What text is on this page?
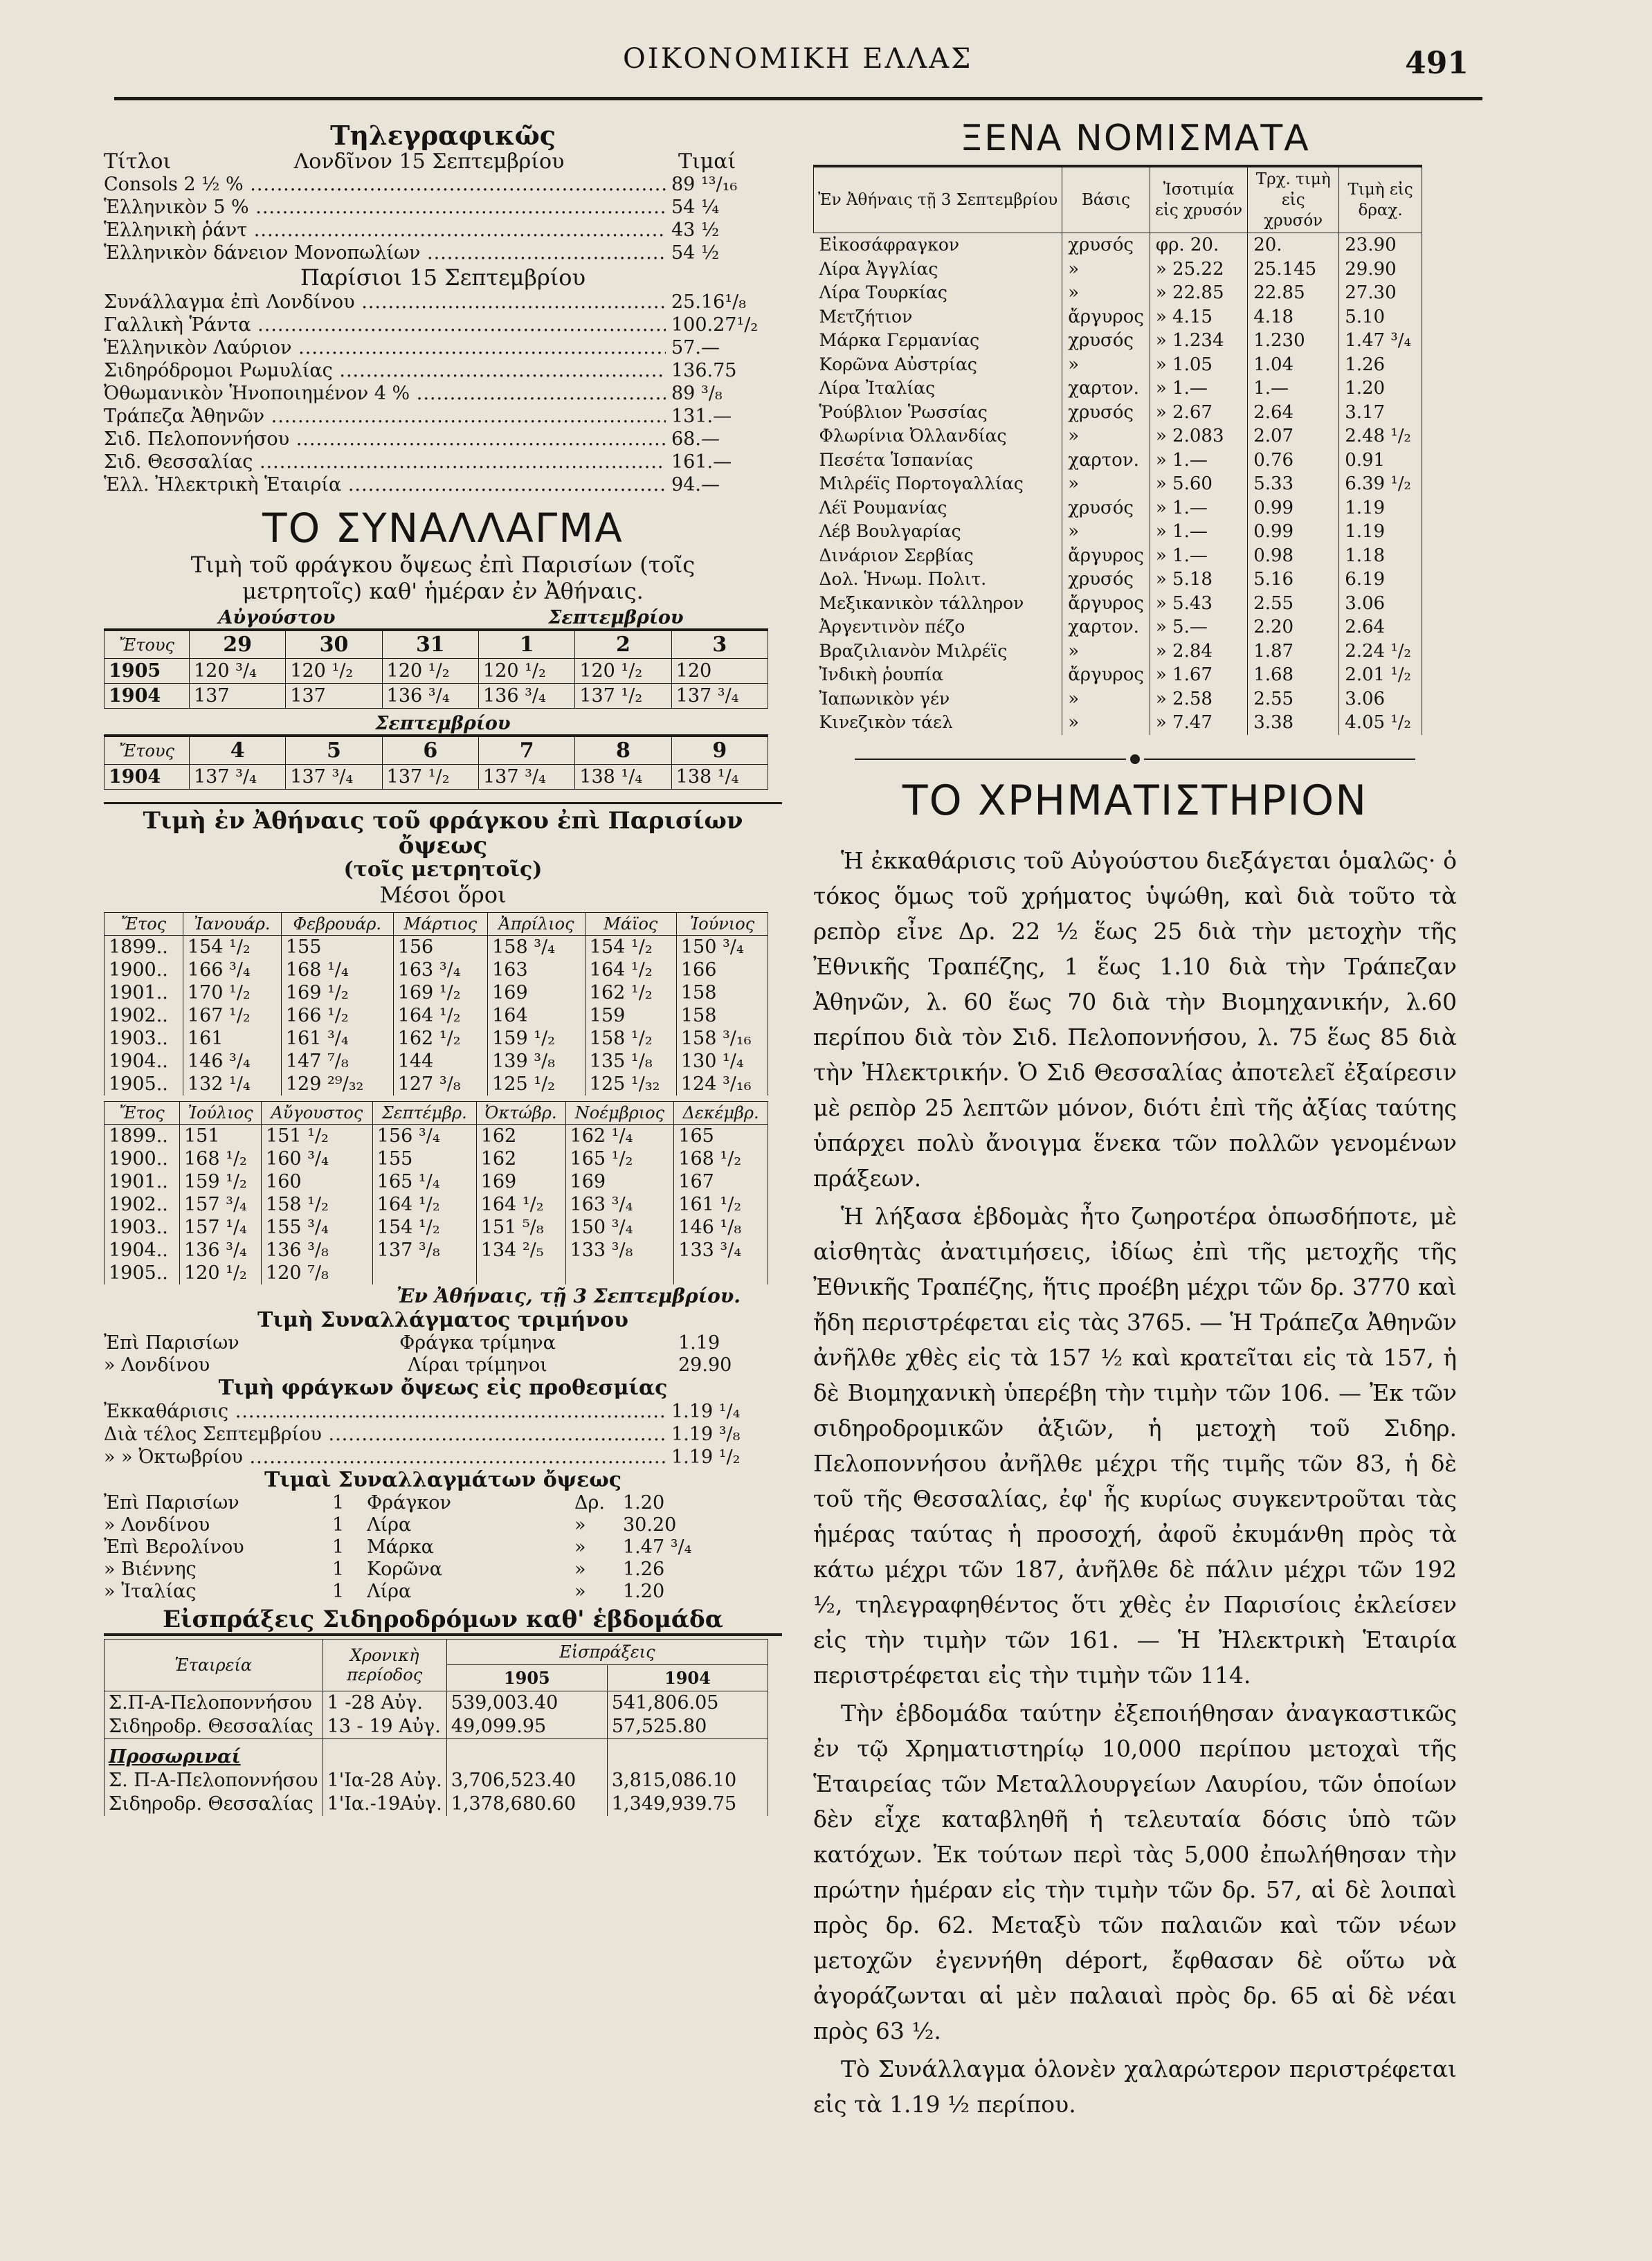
ΟΙΚΟΝΟΜΙΚΗ ΕΛΛΑΣ	491
Τηλεγραφικῶς
Τίτλοι	Λονδῖνον 15 Σεπτεμβρίου	Τιμαί
Consols 2 ½ % .....	89 ¹³/₁₆
Ἑλληνικὸν 5 % .....	54 ¼
Ἑλληνικὴ ῥάντ .....	43 ½
Ἑλληνικὸν δάνειον Μονοπωλίων .....	54 ½
Παρίσιοι 15 Σεπτεμβρίου
Συνάλλαγμα ἐπὶ Λονδίνου .....	25.16¹/₈
Γαλλικὴ Ῥάντα .....	100.27¹/₂
Ἑλληνικὸν Λαύριον .....	57.—
Σιδηρόδρομοι Ρωμυλίας .....	136.75
Ὀθωμανικὸν Ἡνοποιημένον 4 % .....	89 ³/₈
Τράπεζα Ἀθηνῶν .....	131.—
Σιδ. Πελοποννήσου .....	68.—
Σιδ. Θεσσαλίας .....	161.—
Ἑλλ. Ἠλεκτρικὴ Ἑταιρία .....	94.—
ΤΟ ΣΥΝΑΛΛΑΓΜΑ
Τιμὴ τοῦ φράγκου ὄψεως ἐπὶ Παρισίων (τοῖς μετρητοῖς) καθ' ἡμέραν ἐν Ἀθήναις.
Αὐγούστου	Σεπτεμβρίου
Ἔτους	29	30	31	1	2	3
1905	120 ³/₄	120 ¹/₂	120 ¹/₂	120 ¹/₂	120 ¹/₂	120
1904	137	137	136 ³/₄	136 ³/₄	137 ¹/₂	137 ³/₄
Σεπτεμβρίου
Ἔτους	4	5	6	7	8	9
1904	137 ³/₄	137 ³/₄	137 ¹/₂	137 ³/₄	138 ¹/₄	138 ¹/₄
Τιμὴ ἐν Ἀθήναις τοῦ φράγκου ἐπὶ Παρισίων ὄψεως
(τοῖς μετρητοῖς)
Μέσοι ὅροι
Ἔτος	Ἰανουάρ.	Φεβρουάρ.	Μάρτιος	Ἀπρίλιος	Μάϊος	Ἰούνιος
1899..	154 ¹/₂	155	156	158 ³/₄	154 ¹/₂	150 ³/₄
1900..	166 ³/₄	168 ¹/₄	163 ³/₄	163	164 ¹/₂	166
1901..	170 ¹/₂	169 ¹/₂	169 ¹/₂	169	162 ¹/₂	158
1902..	167 ¹/₂	166 ¹/₂	164 ¹/₂	164	159	158
1903..	161	161 ³/₄	162 ¹/₂	159 ¹/₂	158 ¹/₂	158 ³/₁₆
1904..	146 ³/₄	147 ⁷/₈	144	139 ³/₈	135 ¹/₈	130 ¹/₄
1905..	132 ¹/₄	129 ²⁹/₃₂	127 ³/₈	125 ¹/₂	125 ¹/₃₂	124 ³/₁₆
Ἔτος	Ἰούλιος	Αὔγουστος	Σεπτέμβρ.	Ὀκτώβρ.	Νοέμβριος	Δεκέμβρ.
1899..	151	151 ¹/₂	156 ³/₄	162	162 ¹/₄	165
1900..	168 ¹/₂	160 ³/₄	155	162	165 ¹/₂	168 ¹/₂
1901..	159 ¹/₂	160	165 ¹/₄	169	169	167
1902..	157 ³/₄	158 ¹/₂	164 ¹/₂	164 ¹/₂	163 ³/₄	161 ¹/₂
1903..	157 ¹/₄	155 ³/₄	154 ¹/₂	151 ⁵/₈	150 ³/₄	146 ¹/₈
1904..	136 ³/₄	136 ³/₈	137 ³/₈	134 ²/₅	133 ³/₈	133 ³/₄
1905..	120 ¹/₂	120 ⁷/₈				
Ἐν Ἀθήναις, τῇ 3 Σεπτεμβρίου.
Τιμὴ Συναλλάγματος τριμήνου
Ἐπὶ Παρισίων	Φράγκα τρίμηνα	1.19
» Λονδίνου	Λίραι τρίμηνοι	29.90
Τιμὴ φράγκων ὄψεως εἰς προθεσμίας
Ἐκκαθάρισις .....	1.19 ¹/₄
Διὰ τέλος Σεπτεμβρίου .....	1.19 ³/₈
» » Ὀκτωβρίου .....	1.19 ¹/₂
Τιμαὶ Συναλλαγμάτων ὄψεως
Ἐπὶ Παρισίων	1	Φράγκον	Δρ. 1.20
» Λονδίνου	1	Λίρα	»	30.20
Ἐπὶ Βερολίνου	1	Μάρκα	»	1.47 ³/₄
» Βιέννης	1	Κορῶνα	»	1.26
» Ἰταλίας	1	Λίρα	»	1.20
Εἰσπράξεις Σιδηροδρόμων καθ' ἑβδομάδα
Ἑταιρεία	Χρονικὴ περίοδος	Εἰσπράξεις	
		1905	1904
Σ.Π-Α-Πελοποννήσου	1 -28 Αὐγ.	539,003.40	541,806.05
Σιδηροδρ. Θεσσαλίας	13 - 19 Αὐγ.	49,099.95	57,525.80
Προσωριναί			
Σ. Π-Α-Πελοποννήσου	1'Ια-28 Αὐγ.	3,706,523.40	3,815,086.10
Σιδηροδρ. Θεσσαλίας	1'Ια.-19Αὐγ.	1,378,680.60	1,349,939.75
ΞΕΝΑ ΝΟΜΙΣΜΑΤΑ
Ἐν Ἀθήναις τῇ 3 Σεπτεμβρίου	Βάσις	Ἰσοτιμία εἰς χρυσόν	Τρχ. τιμὴ εἰς χρυσόν	Τιμὴ εἰς δραχ.
Εἰκοσάφραγκον	χρυσός	φρ. 20.	20.	23.90
Λίρα Ἀγγλίας	»	» 25.22	25.145	29.90
Λίρα Τουρκίας	»	» 22.85	22.85	27.30
Μετζήτιον	ἄργυρος	» 4.15	4.18	5.10
Μάρκα Γερμανίας	χρυσός	» 1.234	1.230	1.47 ³/₄
Κορῶνα Αὐστρίας	»	» 1.05	1.04	1.26
Λίρα Ἰταλίας	χαρτον.	» 1.—	1.—	1.20
Ῥούβλιον Ῥωσσίας	χρυσός	» 2.67	2.64	3.17
Φλωρίνια Ὀλλανδίας	»	» 2.083	2.07	2.48 ¹/₂
Πεσέτα Ἱσπανίας	χαρτον.	» 1.—	0.76	0.91
Μιλρέϊς Πορτογαλλίας	»	» 5.60	5.33	6.39 ¹/₂
Λέϊ Ρουμανίας	χρυσός	» 1.—	0.99	1.19
Λέβ Βουλγαρίας	»	» 1.—	0.99	1.19
Δινάριον Σερβίας	ἄργυρος	» 1.—	0.98	1.18
Δολ. Ἡνωμ. Πολιτ.	χρυσός	» 5.18	5.16	6.19
Μεξικανικὸν τάλληρον	ἄργυρος	» 5.43	2.55	3.06
Ἀργεντινὸν πέζο	χαρτον.	» 5.—	2.20	2.64
Βραζιλιανὸν Μιλρέϊς	»	» 2.84	1.87	2.24 ¹/₂
Ἰνδικὴ ῥουπία	ἄργυρος	» 1.67	1.68	2.01 ¹/₂
Ἰαπωνικὸν γέν	»	» 2.58	2.55	3.06
Κινεζικὸν τάελ	»	» 7.47	3.38	4.05 ¹/₂
ΤΟ ΧΡΗΜΑΤΙΣΤΗΡΙΟΝ

Ἡ ἐκκαθάρισις τοῦ Αὐγούστου διεξάγεται ὁμαλῶς· ὁ τόκος ὅμως τοῦ χρήματος ὑψώθη, καὶ διὰ τοῦτο τὰ ρεπὸρ εἶνε Δρ. 22 ½ ἕως 25 διὰ τὴν μετοχὴν τῆς Ἐθνικῆς Τραπέζης, 1 ἕως 1.10 διὰ τὴν Τράπεζαν Ἀθηνῶν, λ. 60 ἕως 70 διὰ τὴν Βιομηχανικήν, λ.60 περίπου διὰ τὸν Σιδ. Πελοποννήσου, λ. 75 ἕως 85 διὰ τὴν Ἠλεκτρικήν. Ὁ Σιδ Θεσσαλίας ἀποτελεῖ ἐξαίρεσιν μὲ ρεπὸρ 25 λεπτῶν μόνον, διότι ἐπὶ τῆς ἀξίας ταύτης ὑπάρχει πολὺ ἄνοιγμα ἕνεκα τῶν πολλῶν γενομένων πράξεων.

Ἡ λήξασα ἑβδομὰς ἦτο ζωηροτέρα ὁπωσδήποτε, μὲ αἰσθητὰς ἀνατιμήσεις, ἰδίως ἐπὶ τῆς μετοχῆς τῆς Ἐθνικῆς Τραπέζης, ἥτις προέβη μέχρι τῶν δρ. 3770 καὶ ἤδη περιστρέφεται εἰς τὰς 3765. — Ἡ Τράπεζα Ἀθηνῶν ἀνῆλθε χθὲς εἰς τὰ 157 ½ καὶ κρατεῖται εἰς τὰ 157, ἡ δὲ Βιομηχανικὴ ὑπερέβη τὴν τιμὴν τῶν 106. — Ἐκ τῶν σιδηροδρομικῶν ἀξιῶν, ἡ μετοχὴ τοῦ Σιδηρ. Πελοποννήσου ἀνῆλθε μέχρι τῆς τιμῆς τῶν 83, ἡ δὲ τοῦ τῆς Θεσσαλίας, ἐφ' ἧς κυρίως συγκεντροῦται τὰς ἡμέρας ταύτας ἡ προσοχή, ἀφοῦ ἐκυμάνθη πρὸς τὰ κάτω μέχρι τῶν 187, ἀνῆλθε δὲ πάλιν μέχρι τῶν 192 ½, τηλεγραφηθέντος ὅτι χθὲς ἐν Παρισίοις ἐκλείσεν εἰς τὴν τιμὴν τῶν 161. — Ἡ Ἠλεκτρικὴ Ἑταιρία περιστρέφεται εἰς τὴν τιμὴν τῶν 114.

Τὴν ἑβδομάδα ταύτην ἐξεποιήθησαν ἀναγκαστικῶς ἐν τῷ Χρηματιστηρίῳ 10,000 περίπου μετοχαὶ τῆς Ἑταιρείας τῶν Μεταλλουργείων Λαυρίου, τῶν ὁποίων δὲν εἶχε καταβληθῆ ἡ τελευταία δόσις ὑπὸ τῶν κατόχων. Ἐκ τούτων περὶ τὰς 5,000 ἐπωλήθησαν τὴν πρώτην ἡμέραν εἰς τὴν τιμὴν τῶν δρ. 57, αἱ δὲ λοιπαὶ πρὸς δρ. 62. Μεταξὺ τῶν παλαιῶν καὶ τῶν νέων μετοχῶν ἐγεννήθη déport, ἔφθασαν δὲ οὕτω νὰ ἀγοράζωνται αἱ μὲν παλαιαὶ πρὸς δρ. 65 αἱ δὲ νέαι πρὸς 63 ½.

Τὸ Συνάλλαγμα ὁλονὲν χαλαρώτερον περιστρέφεται εἰς τὰ 1.19 ½ περίπου.
